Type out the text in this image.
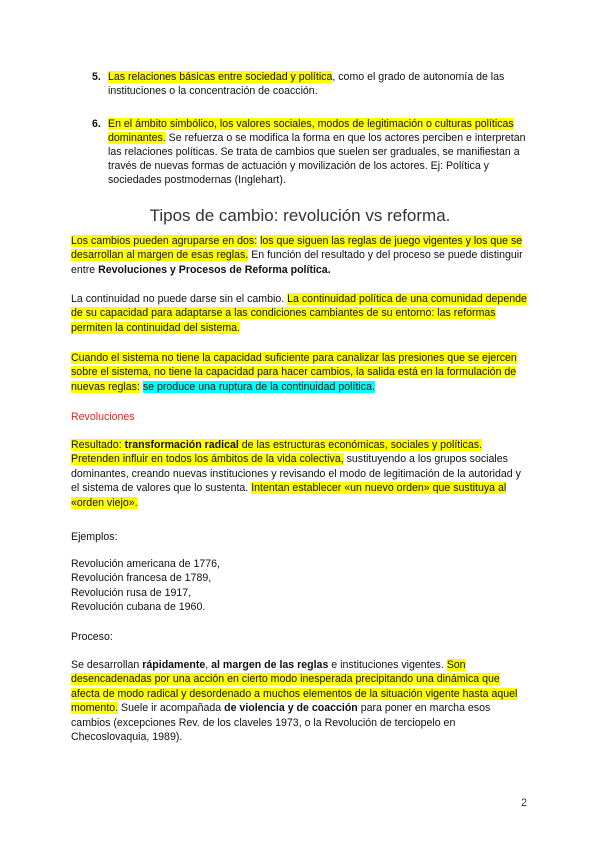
5. Las relaciones básicas entre sociedad y política, como el grado de autonomía de las instituciones o la concentración de coacción.
6. En el ámbito simbólico, los valores sociales, modos de legitimación o culturas políticas dominantes. Se refuerza o se modifica la forma en que los actores perciben e interpretan las relaciones políticas. Se trata de cambios que suelen ser graduales, se manifiestan a través de nuevas formas de actuación y movilización de los actores. Ej: Política y sociedades postmodernas (Inglehart).
Tipos de cambio: revolución vs reforma.
Los cambios pueden agruparse en dos: los que siguen las reglas de juego vigentes y los que se desarrollan al margen de esas reglas. En función del resultado y del proceso se puede distinguir entre Revoluciones y Procesos de Reforma política.
La continuidad no puede darse sin el cambio. La continuidad política de una comunidad depende de su capacidad para adaptarse a las condiciones cambiantes de su entorno: las reformas permiten la continuidad del sistema.
Cuando el sistema no tiene la capacidad suficiente para canalizar las presiones que se ejercen sobre el sistema, no tiene la capacidad para hacer cambios, la salida está en la formulación de nuevas reglas: se produce una ruptura de la continuidad política.
Revoluciones
Resultado: transformación radical de las estructuras económicas, sociales y políticas. Pretenden influir en todos los ámbitos de la vida colectiva, sustituyendo a los grupos sociales dominantes, creando nuevas instituciones y revisando el modo de legitimación de la autoridad y el sistema de valores que lo sustenta. Intentan establecer «un nuevo orden» que sustituya al «orden viejo».
Ejemplos:
Revolución americana de 1776,
Revolución francesa de 1789,
Revolución rusa de 1917,
Revolución cubana de 1960.
Proceso:
Se desarrollan rápidamente, al margen de las reglas e instituciones vigentes. Son desencadenadas por una acción en cierto modo inesperada precipitando una dinámica que afecta de modo radical y desordenado a muchos elementos de la situación vigente hasta aquel momento. Suele ir acompañada de violencia y de coacción para poner en marcha esos cambios (excepciones Rev. de los claveles 1973, o la Revolución de terciopelo en Checoslovaquia, 1989).
2
